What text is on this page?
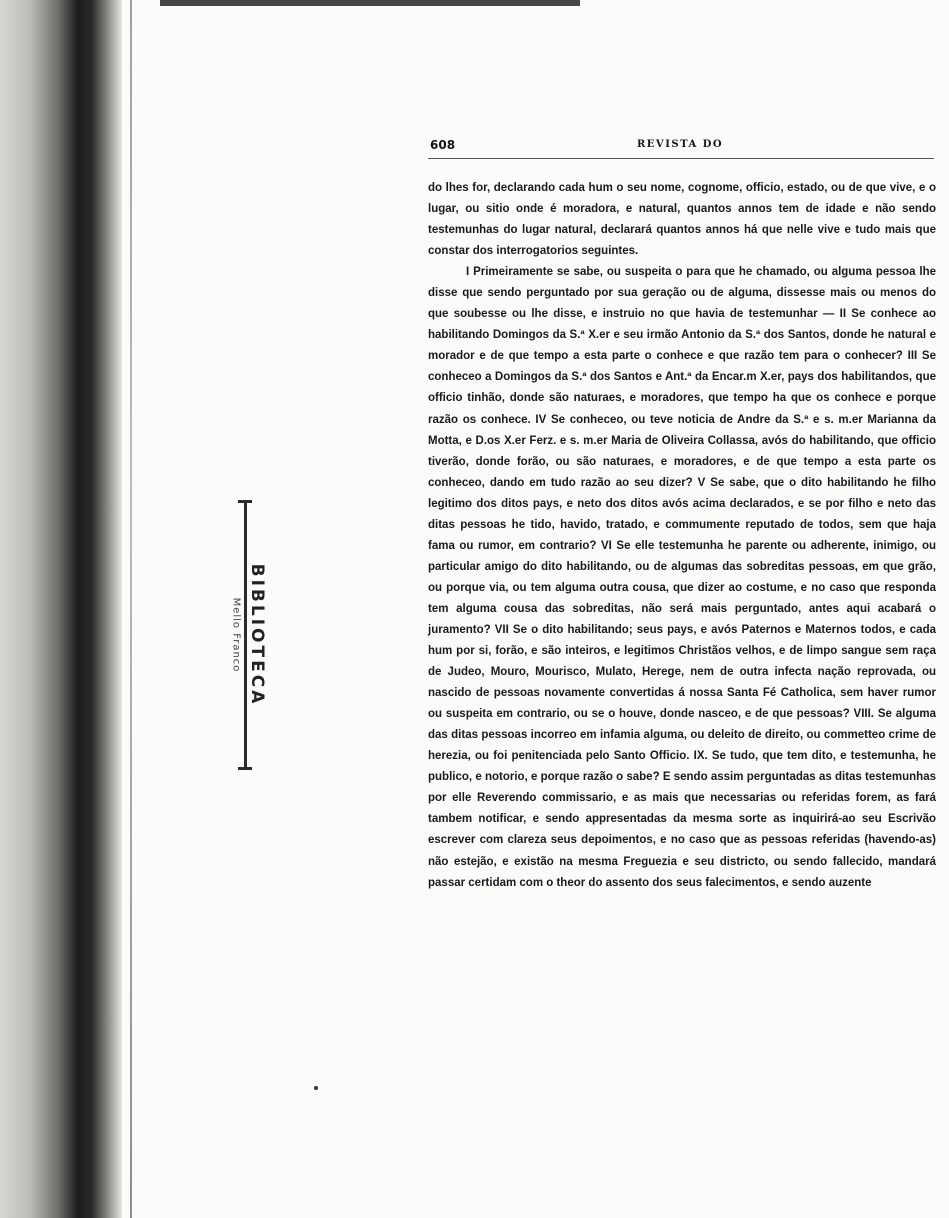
Mello Franco BIBLIOTECA
608	REVISTA DO

do lhes for, declarando cada hum o seu nome, cognome, officio, estado, ou de que vive, e o lugar, ou sitio onde é moradora, e natural, quantos annos tem de idade e não sendo testemunhas do lugar natural, declarará quantos annos há que nelle vive e tudo mais que constar dos interrogatorios seguintes.

I Primeiramente se sabe, ou suspeita o para que he chamado, ou alguma pessoa lhe disse que sendo perguntado por sua geração ou de alguma, dissesse mais ou menos do que soubesse ou lhe disse, e instruio no que havia de testemunhar — II Se conhece ao habilitando Domingos da S.ª X.er e seu irmão Antonio da S.ª dos Santos, donde he natural e morador e de que tempo a esta parte o conhece e que razão tem para o conhecer? III Se conheceo a Domingos da S.ª dos Santos e Ant.ª da Encar.m X.er, pays dos habilitandos, que officio tinhão, donde são naturaes, e moradores, que tempo ha que os conhece e porque razão os conhece. IV Se conheceo, ou teve noticia de Andre da S.ª e s. m.er Marianna da Motta, e D.os X.er Ferz. e s. m.er Maria de Oliveira Collassa, avós do habilitando, que officio tiverão, donde forão, ou são naturaes, e moradores, e de que tempo a esta parte os conheceo, dando em tudo razão ao seu dizer? V Se sabe, que o dito habilitando he filho legitimo dos ditos pays, e neto dos ditos avós acima declarados, e se por filho e neto das ditas pessoas he tido, havido, tratado, e commumente reputado de todos, sem que haja fama ou rumor, em contrario? VI Se elle testemunha he parente ou adherente, inimigo, ou particular amigo do dito habilitando, ou de algumas das sobreditas pessoas, em que grão, ou porque via, ou tem alguma outra cousa, que dizer ao costume, e no caso que responda tem alguma cousa das sobreditas, não será mais perguntado, antes aqui acabará o juramento? VII Se o dito habilitando; seus pays, e avós Paternos e Maternos todos, e cada hum por si, forão, e são inteiros, e legitimos Christãos velhos, e de limpo sangue sem raça de Judeo, Mouro, Mourisco, Mulato, Herege, nem de outra infecta nação reprovada, ou nascido de pessoas novamente convertidas á nossa Santa Fé Catholica, sem haver rumor ou suspeita em contrario, ou se o houve, donde nasceo, e de que pessoas? VIII. Se alguma das ditas pessoas incorreo em infamia alguma, ou deleito de direito, ou commetteo crime de herezia, ou foi penitenciada pelo Santo Officio. IX. Se tudo, que tem dito, e testemunha, he publico, e notorio, e porque razão o sabe? E sendo assim perguntadas as ditas testemunhas por elle Reverendo commissario, e as mais que necessarias ou referidas forem, as fará tambem notificar, e sendo appresentadas da mesma sorte as inquirirá-ao seu Escrivão escrever com clareza seus depoimentos, e no caso que as pessoas referidas (havendo-as) não estejão, e existão na mesma Freguezia e seu districto, ou sendo fallecido, mandará passar certidam com o theor do assento dos seus falecimentos, e sendo auzente
